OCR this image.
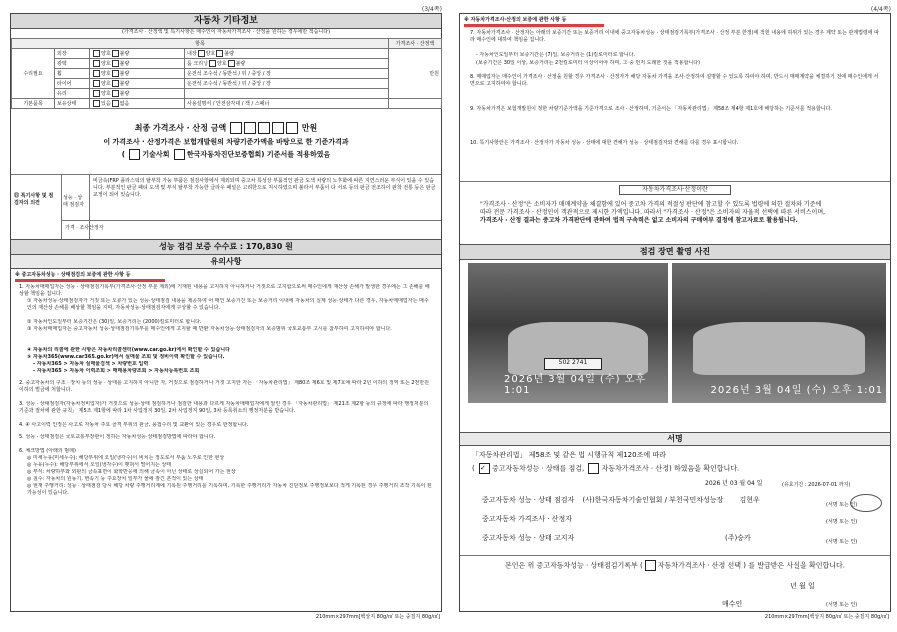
(3/4쪽)
자동차 기타정보
(가격조사 · 산정액 및 특기사항은 매수인이 자동차가격조사 · 산정을 원하는 경우에만 적습니다)
항목				가격조사 · 산정액
수리필요	외장	양호 불량	내장 양호 불량	만원
	광택	양호 불량	룸 크리닝 양호 불량	
	휠	양호 불량	운전석 조수석 / 동반석 / 뒤 / 중앙 / 장	
	타이어	양호 불량	운전석 조수석 / 동반석 / 뒤 / 중앙 / 장	
	유리	양호 불량		
기본품목	보유상태	있음 없음	사용설명서 / 안전삼각대 / 잭 / 스패너	
최종 가격조사 · 산정 금액	만원
이 가격조사 · 산정가격은 보험개발원의 차량기준가액을 바탕으로 한 기준가격과
( 기술사회 한국자동차진단보증협회) 기준서를 적용하였음
⑮ 특기사항 및 점검자의 의견
성능 · 상태 점검자
비금속(FRP 플라스틱의 탈부착 가능 부품은 점검사항에서 제외되며 중고차 특성상 부품적인 판금 도색 차량의 노후화에 따른 지연스러운 부식이 있을 수 있습니다. 부분적인 판금 패티 도색 및 부식 탈부착 가능한 글라우 패널은 고려한으로 지시하였으며 불라서 부품이 다 서로 등의 판금 전조하이 판착 전통 등은 판금 교정이 되어 있습니다.
가격 · 조사산정자
성능 점검 보증 수수료 : 170,830 원
유의사항
※ 중고자동차성능 · 상태점검의 보증에 관한 사항 등
1. 자동차매매업자는 성능 · 상태점검기록부(가격조사·산정 부분 제외)에 기재된 내용을 고지하지 아니하거나 거짓으로 고지함으로써 매수인에게 재산상 손해가 발생한 경우에는 그 손해를 배상할 책임을 집니다.
① 자동차성능·상태점검자가 거짓 또는 오류가 있는 성능·상태점검 내용을 제공하여 어 매인 보증기간 또는 보증거리 이내에 자동차의 실제 성능·상태가 다른 경우, 자동차매매업자는 매수인의 재산상 손해를 배상할 책임을 지며, 자동차성능·상태점검자에게 구상할 수 있습니다.
② 자동차인도일부터 보증기간은 (30)일, 보증거리는 (2000)킬로미터로 합니다.
③ 자동차매매업자는 중고자동차 성능·상태점검기록부를 매수인에게 고지할 때 반환 자동차성능·상태점검자의 보증범위 국토교통부 고시를 참부하여 고지하여야 합니다.
④ 자동차의 리콜에 관한 사항은 자동차리콜센터(www.car.go.kr)에서 확인할 수 있습니다
⑤ 자동차365(www.car365.go.kr)에서 실매물 조회 및 정비이력 확인할 수 있습니다.
- 자동차365 > 자동차 실매물검색 > 차량번호 입력
- 자동차365 > 자동차 이력조회 > 매매용차량조회 > 자동차등록번호 조회
2. 중고자동차의 구조 · 장치 등의 성능 · 상태를 고지하지 아니한 자, 거짓으로 점검하거나 거짓 고지한 자는 「자동차관리법」 제80조 제6호 및 제7호에 따라 2년 이하의 징역 또는 2천만원 이하의 벌금에 처합니다.
3. 성능 · 상태점검자(자동차정비업자)가 거짓으로 성능·상태 점검하거나 점검한 내용과 다르게 자동차매매업자에게 알린 경우 「자동차관리법」 제21조 제2항 등의 규정에 따라 행정처분의 기준과 절차에 관한 규칙」 제5조 제1항에 따라 1차 사업정지 30일, 2차 사업정지 90일, 3차 등록취소의 행정처분을 받습니다.
4. ④ 사고이력 인정은 사고로 자동차 주요 골격 부위의 판금, 용접수리 및 교환이 있는 경우로 한정합니다.
5. 성능 · 상태점검은 국토교통부장관이 정하는 자동차성능·상태점검방법에 따라야 합니다.
6. 체크방법 (아래의 범례)
◎ 미세누유(미세누수): 해당부위에 오일(냉각수)이 비치는 정도로서 부품 노후로 인한 현상
◎ 누유(누수): 해당부위에서 오일(냉각수)이 맺혀서 떨어지는 상태
◎ 부식: 차량하부와 외판의 금속표면이 화학반응에 의해 금속이 아닌 상태로 상실되어 가는 현상
◎ 침수: 자동차의 원동기, 변속기 등 주요장치 일부가 물에 잠긴 흔적이 있는 상태
◎ 현재 주행거리: 성능 · 상태점검 당시 해당 차량 주행거리계에 기록된 주행거리를 기록하며, 기록한 주행거리가 자동차 진단정보 주행정보보다 적게 기록된 경우 주행거리 조작 기록이 된 가능성이 있습니다.
210mm×297mm[백상지 80g/㎡ 또는 중질지 80g/㎡]
(4/4쪽)
※ 자동차가격조사·산정의 보증에 관한 사항 등
7. 자동차가격조사 · 산정자는 아래의 보증기간 또는 보증거리 이내에 중고자동차성능 · 상태점검기록부(가격조사 · 산정 부분 한정)에 적힌 내용에 허위가 있는 경우 계약 또는 관계법령에 따라 매수인에 대하여 책임을 집니다.
- 자동차인도일부터 보증기간은 (7)일, 보증거리는 (1)킬로미터로 합니다.
(보증기간은 30일 이상, 보증거리는 2천킬로미터 이상이어야 하며, 그 중 먼저 도래한 것을 적용합니다)
8. 매매업자는 매수인이 가격조사 · 산정을 원할 경우 가격조사 · 산정자가 해당 자동차 가격을 조사·산정하여 설명할 수 있도록 하여야 하며, 반드시 매매계약을 체결하기 전에 매수인에게 서면으로 고지하여야 합니다.
9. 자동차가격은 보험개발원이 정한 차량기준가액을 기준가격으로 조사 · 산정하며, 기준서는 「자동차관리법」 제58조 제4항 제1호에 해당하는 기준서를 적용합니다.
10. 특기사항란은 가격조사 · 산정자가 자동차 성능 · 상태에 대한 견해가 성능 · 상태점검자와 견해를 다를 경우 표시합니다.
자동차가격조사·산정이란
"가격조사 · 산정"은 소비자가 매매계약을 체결함에 있어 중고차 가격의 적절성 판단에 참고할 수 있도록 법령에 의한 절차와 기준에
따라 전문 가격조사 · 산정인이 객관적으로 제시한 가액입니다. 따라서 "가격조사 · 산정"은 소비자의 자율적 선택에 따른 서비스이며,
가격조사 · 산정 결과는 중고차 가격판단에 관하여 법적 구속력은 없고 소비자의 구매여부 결정에 참고자료로 활용됩니다.
점검 장면 촬영 사진
502 2741
2026년 3월 04일 (수) 오후 1:01	2026년 3월 04일 (수) 오후 1:01
서명
「자동차관리법」 제58조 및 같은 법 시행규칙 제120조에 따라
( ✓ 중고자동차성능 · 상태를 점검, 자동차가격조사 · 산정) 하였음을 확인합니다.
2026 년 03 월 04 일	(유효기간 : 2026-07-01 까지)
중고자동차 성능 · 상태 점검자 (사)한국자동차기술인협회 / 부천국민차성능장 김현우
(서명 또는 인)
중고자동차 가격조사 · 산정자	(서명 또는 인)
중고자동차 성능 · 상태 고지자	(주)승카	(서명 또는 인)
본인은 위 중고자동차성능 · 상태점검기록부 ( 자동차가격조사 · 산정 선택 ) 를 발급받은 사실을 확인합니다.
년 월 일
매수인	(서명 또는 인)
210mm×297mm[백상지 80g/㎡ 또는 중질지 80g/㎡]
